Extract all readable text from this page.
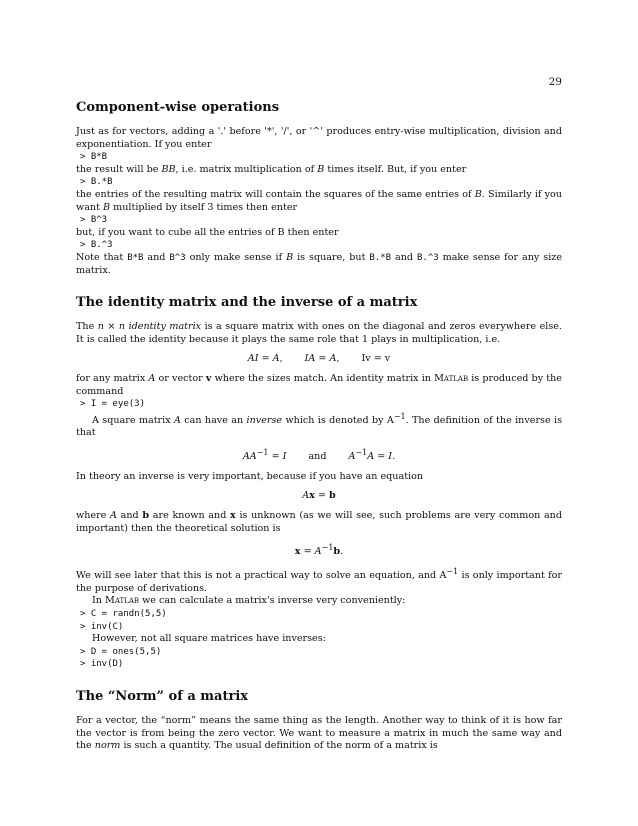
29
Component-wise operations

Just as for vectors, adding a '.' before '*', '/', or '^' produces entry-wise multiplication, division and exponentiation. If you enter

> B*B

the result will be BB, i.e. matrix multiplication of B times itself. But, if you enter

> B.*B

the entries of the resulting matrix will contain the squares of the same entries of B. Similarly if you want B multiplied by itself 3 times then enter

> B^3

but, if you want to cube all the entries of B then enter

> B.^3

Note that B*B and B^3 only make sense if B is square, but B.*B and B.^3 make sense for any size matrix.

The identity matrix and the inverse of a matrix

The n × n identity matrix is a square matrix with ones on the diagonal and zeros everywhere else. It is called the identity because it plays the same role that 1 plays in multiplication, i.e.

AI = A, IA = A, Iv = v

for any matrix A or vector v where the sizes match. An identity matrix in Matlab is produced by the command

> I = eye(3)

A square matrix A can have an inverse which is denoted by $A^{-1}$. The definition of the inverse is that

$AA^{-1} = I$ and $A^{-1}A = I$.

In theory an inverse is very important, because if you have an equation

Ax = b

where A and b are known and x is unknown (as we will see, such problems are very common and important) then the theoretical solution is

$x = A^{-1}b$.

We will see later that this is not a practical way to solve an equation, and $A^{-1}$ is only important for the purpose of derivations.

In Matlab we can calculate a matrix's inverse very conveniently:

> C = randn(5,5)
> inv(C)

However, not all square matrices have inverses:

> D = ones(5,5)
> inv(D)
The “Norm” of a matrix

For a vector, the “norm” means the same thing as the length. Another way to think of it is how far the vector is from being the zero vector. We want to measure a matrix in much the same way and the norm is such a quantity. The usual definition of the norm of a matrix is
